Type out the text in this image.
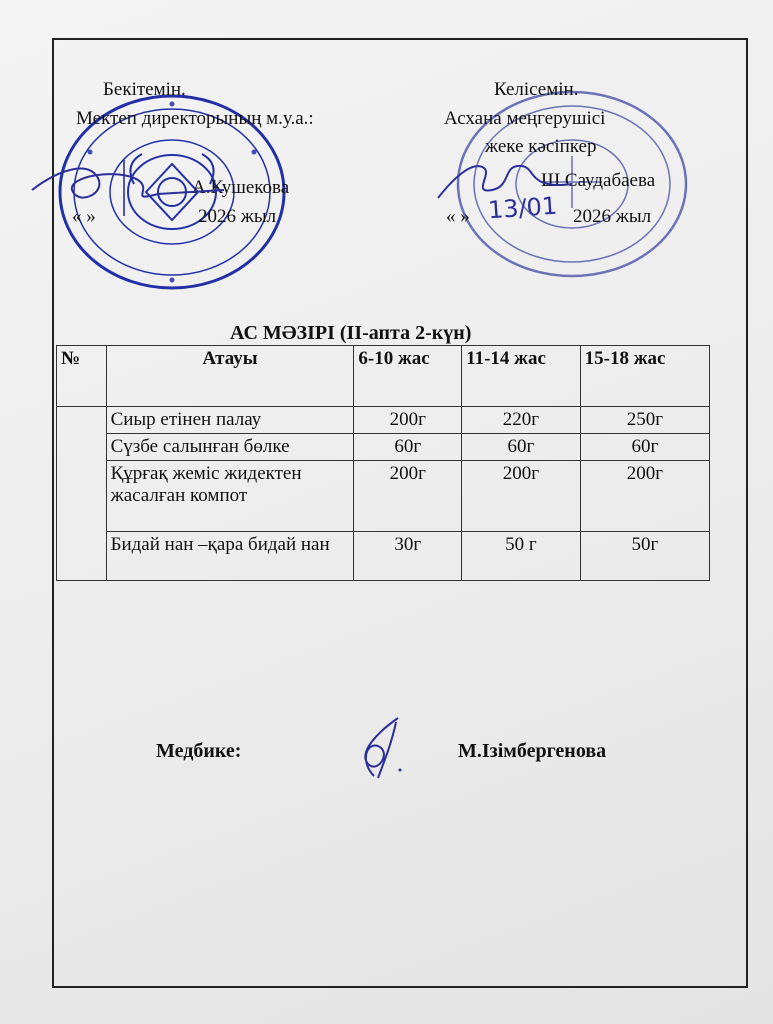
Бекітемін.
Мектеп директорының м.у.а.:
А.Кушекова
« »	2026 жыл
Келісемін.
Асхана меңгерушісі
жеке кәсіпкер
Ш.Саудабаева
« » 13/01 2026 жыл
АС МӘЗІРІ (ІІ-апта 2-күн)
№	Атауы	6-10 жас	11-14 жас	15-18 жас
	Сиыр етінен палау	200г	220г	250г
	Сүзбе салынған бөлке	60г	60г	60г
	Құрғақ жеміс жидектен жасалған компот	200г	200г	200г
	Бидай нан –қара бидай нан	30г	50 г	50г
Медбике:	М.Ізімбергенова
